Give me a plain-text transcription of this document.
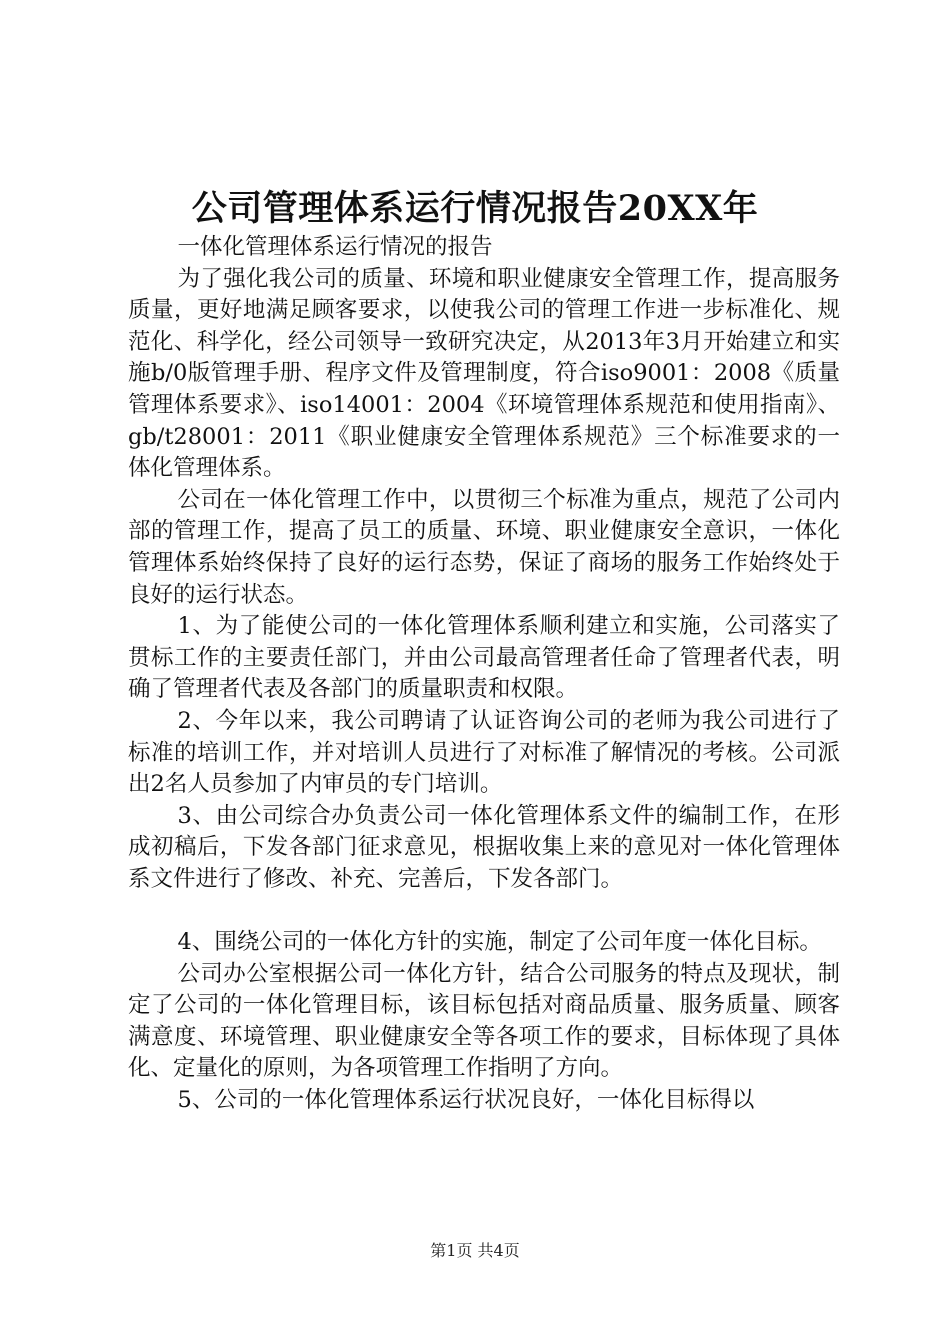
公司管理体系运行情况报告20XX年

一体化管理体系运行情况的报告

为了强化我公司的质量、环境和职业健康安全管理工作，提高服务质量，更好地满足顾客要求，以使我公司的管理工作进一步标准化、规范化、科学化，经公司领导一致研究决定，从2013年3月开始建立和实施b/0版管理手册、程序文件及管理制度，符合iso9001：2008《质量管理体系要求》、iso14001：2004《环境管理体系规范和使用指南》、gb/t28001：2011《职业健康安全管理体系规范》三个标准要求的一体化管理体系。

公司在一体化管理工作中，以贯彻三个标准为重点，规范了公司内部的管理工作，提高了员工的质量、环境、职业健康安全意识，一体化管理体系始终保持了良好的运行态势，保证了商场的服务工作始终处于良好的运行状态。

1、为了能使公司的一体化管理体系顺利建立和实施，公司落实了贯标工作的主要责任部门，并由公司最高管理者任命了管理者代表，明确了管理者代表及各部门的质量职责和权限。

2、今年以来，我公司聘请了认证咨询公司的老师为我公司进行了标准的培训工作，并对培训人员进行了对标准了解情况的考核。公司派出2名人员参加了内审员的专门培训。

3、由公司综合办负责公司一体化管理体系文件的编制工作，在形成初稿后，下发各部门征求意见，根据收集上来的意见对一体化管理体系文件进行了修改、补充、完善后，下发各部门。

4、围绕公司的一体化方针的实施，制定了公司年度一体化目标。

公司办公室根据公司一体化方针，结合公司服务的特点及现状，制定了公司的一体化管理目标，该目标包括对商品质量、服务质量、顾客满意度、环境管理、职业健康安全等各项工作的要求，目标体现了具体化、定量化的原则，为各项管理工作指明了方向。

5、公司的一体化管理体系运行状况良好，一体化目标得以

第1页 共4页
